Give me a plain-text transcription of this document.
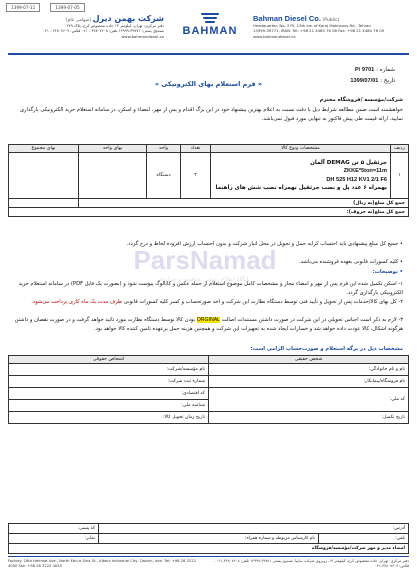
1399-07-11	1399-07-05
Bahman Diesel Co. (Public)
Headquarter: No. 279, 13th km of Karaj Makhsous Rd., Tehran
13999-39771, IRAN. Tel: +98 21 4480 76 08 Fax: +98 21 4480 76 09
www.bahmandiesel.co
BAHMAN
شرکت بهمن دیزل (سهامی عام)
دفتر مرکزی: تهران، کیلومتر ۱۳ جاده مخصوص کرج، پلاک ۲۷۹
صندوق پستی: ۳۹۷۷۱-۱۳۹۹۹ تلفن: ۴۴۸۰۷۶۰۸ - ۰۲۱ فکس: ۴۴۸۰۷۶۰۹ - ۰۲۱
www.bahmandiesel.co
شماره : 9701 /P
تاریخ : 1399/07/01
« فرم استعلام بهای الکترونیکی »
شرکت/مؤسسه /فروشگاه محترم
خواهشمند است ضمن مطالعه شرایط ذیل با دقت نسبت به اعلام بهترین پیشنهاد خود در این برگ اقدام و پس از مهر، امضاء و اسکن، در سامانه استعلام خرید الکترونیکی بارگذاری نمایید. ارائه قیمت طی پیش فاکتور به تنهایی مورد قبول نمی‌باشد.
ردیف	مشخصات ونوع کالا	تعداد	واحد	بهای واحد	بهای مجموع
۱	جرثقیل ۵ تن DEMAG آلمان
ZKKE*5ton=11m
DH 525 H12 KV1 2/1 F6
بهمراه ۶ عدد پل و نصب جرثقیل بهمراه نصب شش های راهنما	۴	دستگاه		
جمع کل مبلغ(به ریال)					
جمع کل مبلغ(به حروف):					
• جمیع کل مبلغ پیشنهادی باید احتساب کرایه حمل و تحویل در محل انبار شرکت و بدون احتساب ارزش افزوده لحاظ و درج گردد.
• کلیه کسورات قانونی بعهده فروشنده می‌باشد.
• توضیحات:
۱- اسکن تکمیل شده این فرم پس از مهر و امضاء مجاز و مشخصات کامل موضوع استعلام از جمله عکس و کاتالوگ پیوست شود و (بصورت یک فایل PDF) در سامانه استعلام خرید الکترونیکی بارگذاری گردد.
۲- کل بهای کالا/خدمات پس از تحویل و تأیید فنی توسط دستگاه نظارت این شرکت و اخذ صورتحساب و کسر کلیه کسورات قانونی ظرف مدت یک ماه کاری پرداخت می‌شود.
۳- لازم به ذکر است اجناس تحویلی در این شرکت در صورت داشتن مستندات اصالت ORGINAL بودن کالا توسط دستگاه نظارت مورد تائید خواهد گرفت و در صورت نقصان و داشتن هرگونه اشکال، کالا عودت داده خواهد شد و خسارات ایجاد شده به تجهیزات این شرکت و همچنین هزینه حمل برعهده تامین کننده کالا خواهد بود.
مشخصات ذیل در برگه استعلام و صورت‌حساب الزامی است:
ParsNamad
پایگاه اطلاع رسانی مناقصه و مزایده
شخص حقیقی	اشخاص حقوقی
نام و نام خانوادگی:	نام مؤسسه/شرکت:
نام فروشگاه/پیمانکار:	شماره ثبت شرکت:
کد ملی:	کد اقتصادی:
	شناسه ملی:
تاریخ تکمیل:	تاریخ زمان تحویل کالا:
آدرس:		کد پستی:
تلفن:	نام کارشناس مربوطه و شماره همراه:	نمابر:
امضاء مدیر و مهر شرکت/مؤسسه/فروشگاه		
Factory: 18th Hekmat Ave., North Ebn-e-Sina St., Alborz Industrial City, Qazvin, Iran. Tel: +98 28 3222 4050 Fax: +98 28 3222 4055
دفتر مرکزی: تهران، جاده مخصوص کرج، کیلومتر ۱۳، روبروی شرکت سایپا، صندوق پستی ۳۹۷۷۱-۱۳۹۹۹ تلفن: ۴۴۸۰۷۶۰۸-۰۲۱ ، فکس: ۴۴۸۰۷۶۰۹-۰۲۱
